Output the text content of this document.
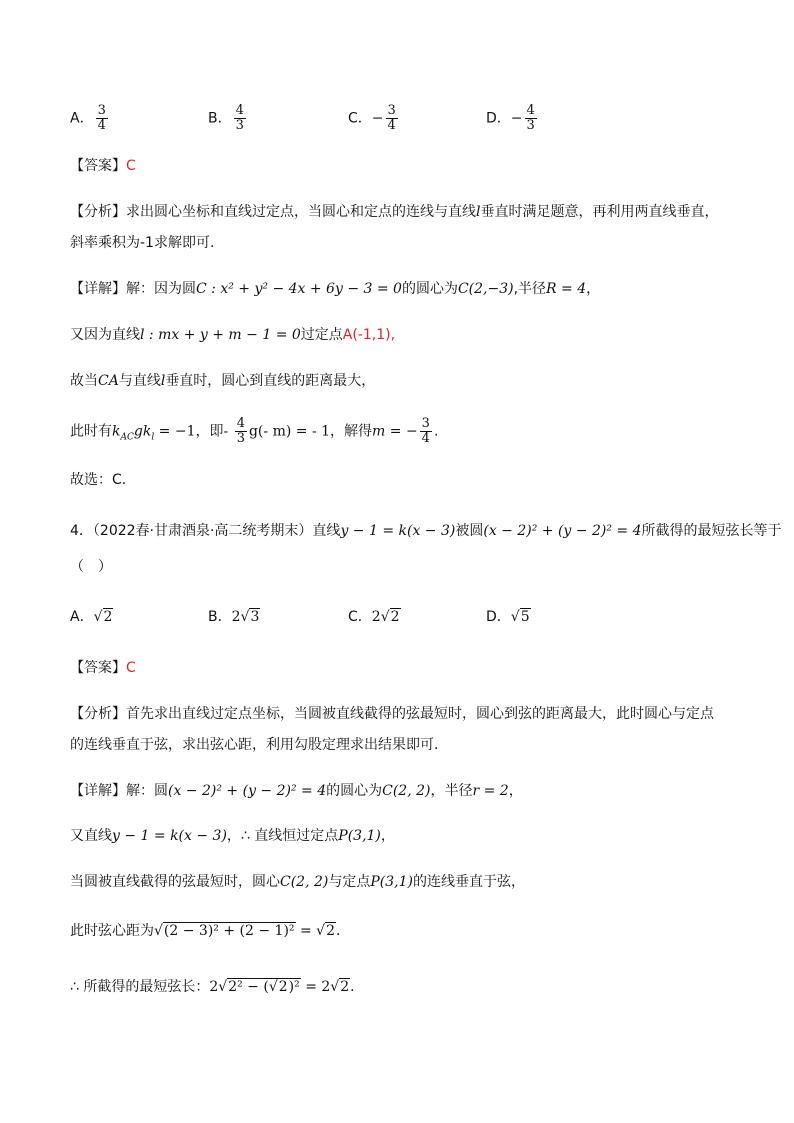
A． $\frac{3}{4}$	B． $\frac{4}{3}$	C．− $\frac{3}{4}$	D．− $\frac{4}{3}$
【答案】C
【分析】求出圆心坐标和直线过定点，当圆心和定点的连线与直线l垂直时满足题意，再利用两直线垂直，
斜率乘积为-1求解即可.
【详解】解：因为圆C : x² + y² − 4x + 6y − 3 = 0的圆心为C(2,−3),半径R = 4，
又因为直线l : mx + y + m − 1 = 0过定点A(-1,1),
故当CA与直线l垂直时，圆心到直线的距离最大，
此时有$k_{AC}gk_l = -1$，即- $\frac{4}{3} g(-$ m) = - 1，解得m = − $\frac{3}{4}$ .
故选：C.
4．（2022春·甘肃酒泉·高二统考期末）直线y − 1 = k(x − 3)被圆(x − 2)² + (y − 2)² = 4所截得的最短弦长等于
（　）
A．√2	B．2√3	C．2√2	D．√5
【答案】C
【分析】首先求出直线过定点坐标，当圆被直线截得的弦最短时，圆心到弦的距离最大，此时圆心与定点
的连线垂直于弦，求出弦心距，利用勾股定理求出结果即可．
【详解】解：圆(x − 2)² + (y − 2)² = 4的圆心为C(2, 2)，半径r = 2，
又直线y − 1 = k(x − 3)，∴ 直线恒过定点P(3,1)，
当圆被直线截得的弦最短时，圆心C(2, 2)与定点P(3,1)的连线垂直于弦，
此时弦心距为√(2 − 3)² + (2 − 1)² = √2．
∴ 所截得的最短弦长：2√2² − (√2)² = 2√2．
